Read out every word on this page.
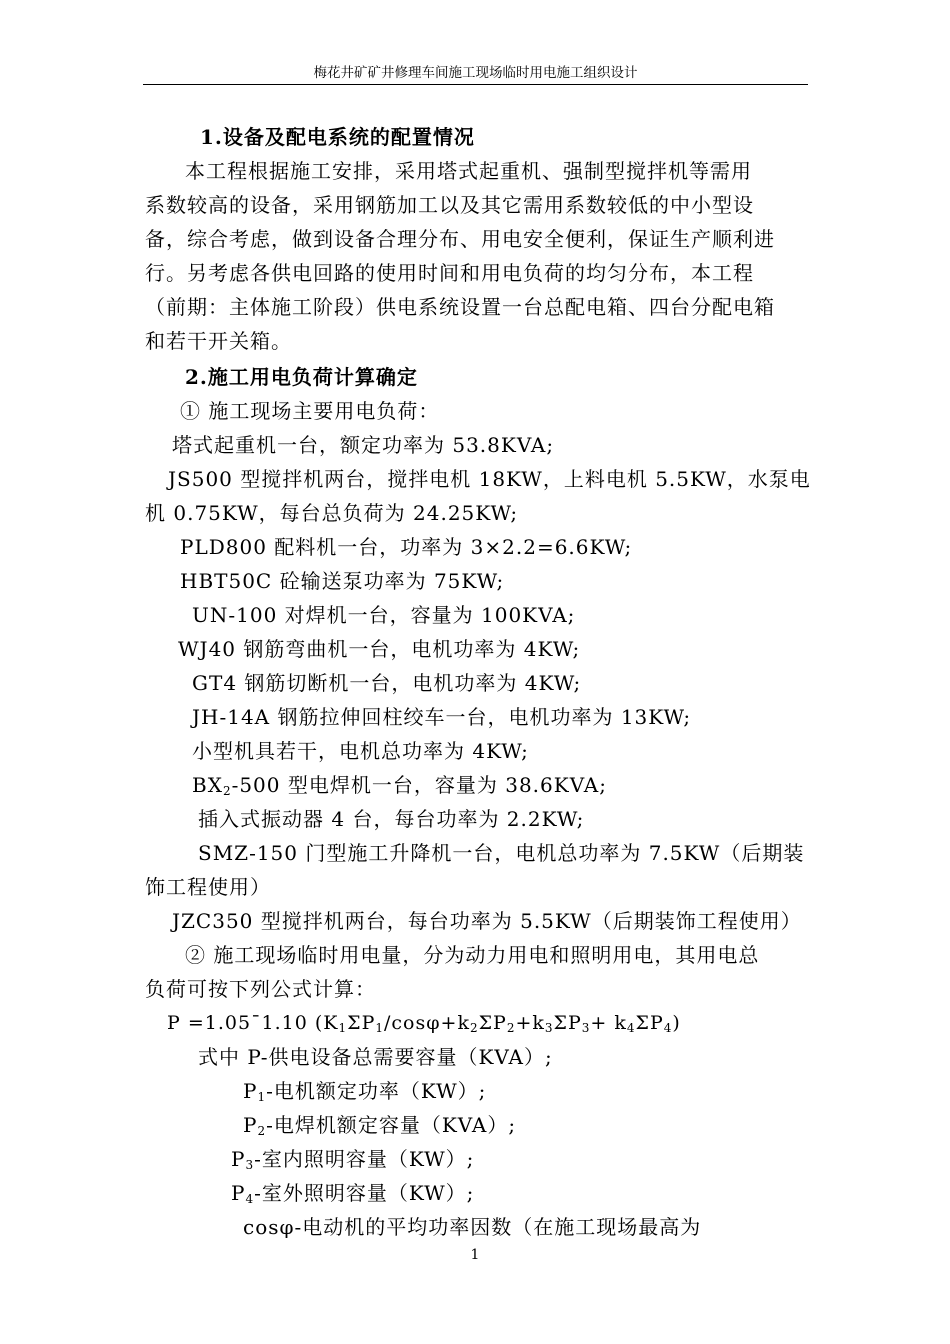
梅花井矿矿井修理车间施工现场临时用电施工组织设计
1.设备及配电系统的配置情况
本工程根据施工安排，采用塔式起重机、强制型搅拌机等需用
系数较高的设备，采用钢筋加工以及其它需用系数较低的中小型设
备，综合考虑，做到设备合理分布、用电安全便利，保证生产顺利进
行。另考虑各供电回路的使用时间和用电负荷的均匀分布，本工程
（前期：主体施工阶段）供电系统设置一台总配电箱、四台分配电箱
和若干开关箱。
2.施工用电负荷计算确定
① 施工现场主要用电负荷：
塔式起重机一台，额定功率为 53.8KVA;
JS500 型搅拌机两台，搅拌电机 18KW，上料电机 5.5KW，水泵电
机 0.75KW，每台总负荷为 24.25KW;
PLD800 配料机一台，功率为 3×2.2=6.6KW;
HBT50C 砼输送泵功率为 75KW;
UN-100 对焊机一台，容量为 100KVA;
WJ40 钢筋弯曲机一台，电机功率为 4KW;
GT4 钢筋切断机一台，电机功率为 4KW;
JH-14A 钢筋拉伸回柱绞车一台，电机功率为 13KW;
小型机具若干，电机总功率为 4KW;
$BX_2-500$ 型电焊机一台，容量为 38.6KVA;
插入式振动器 4 台，每台功率为 2.2KW;
SMZ-150 门型施工升降机一台，电机总功率为 7.5KW（后期装
饰工程使用）
JZC350 型搅拌机两台，每台功率为 5.5KW（后期装饰工程使用）
② 施工现场临时用电量，分为动力用电和照明用电，其用电总
负荷可按下列公式计算：
P =1.05¯1.10 $(K_1\Sigma P_1/\cos\varphi+k_2\Sigma P_2+k_3\Sigma P_3+ k_4\Sigma P_4)$
式中 P-供电设备总需要容量（KVA）;
$P_1-$电机额定功率（KW）;
$P_2-$电焊机额定容量（KVA）;
$P_3-$室内照明容量（KW）;
$P_4-$室外照明容量（KW）;
cosφ-电动机的平均功率因数（在施工现场最高为
1
